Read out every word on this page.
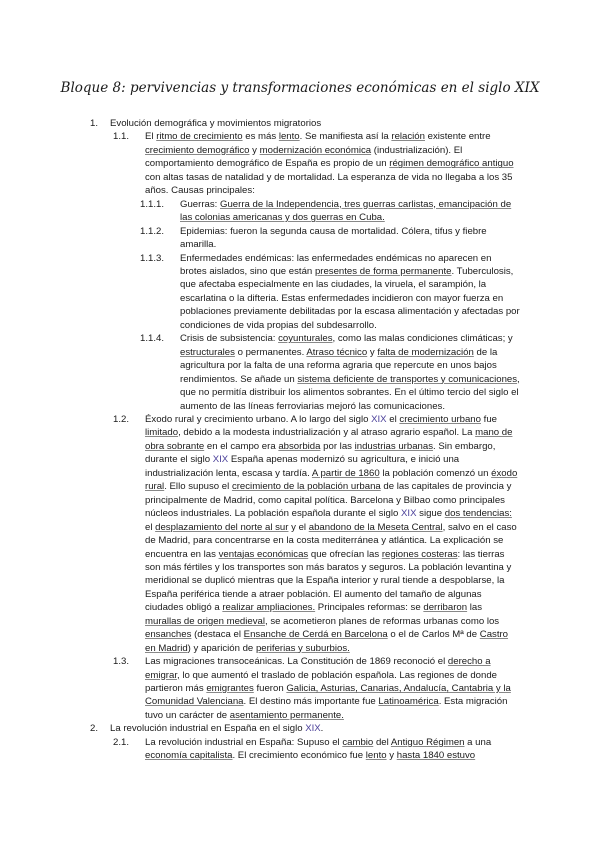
Bloque 8: pervivencias y transformaciones económicas en el siglo XIX
1. Evolución demográfica y movimientos migratorios
1.1. El ritmo de crecimiento es más lento. Se manifiesta así la relación existente entre crecimiento demográfico y modernización económica (industrialización). El comportamiento demográfico de España es propio de un régimen demográfico antiguo con altas tasas de natalidad y de mortalidad. La esperanza de vida no llegaba a los 35 años. Causas principales:
1.1.1. Guerras: Guerra de la Independencia, tres guerras carlistas, emancipación de las colonias americanas y dos guerras en Cuba.
1.1.2. Epidemias: fueron la segunda causa de mortalidad. Cólera, tifus y fiebre amarilla.
1.1.3. Enfermedades endémicas: las enfermedades endémicas no aparecen en brotes aislados, sino que están presentes de forma permanente. Tuberculosis, que afectaba especialmente en las ciudades, la viruela, el sarampión, la escarlatina o la difteria. Estas enfermedades incidieron con mayor fuerza en poblaciones previamente debilitadas por la escasa alimentación y afectadas por condiciones de vida propias del subdesarrollo.
1.1.4. Crisis de subsistencia: coyunturales, como las malas condiciones climáticas; y estructurales o permanentes. Atraso técnico y falta de modernización de la agricultura por la falta de una reforma agraria que repercute en unos bajos rendimientos. Se añade un sistema deficiente de transportes y comunicaciones, que no permitía distribuir los alimentos sobrantes. En el último tercio del siglo el aumento de las líneas ferroviarias mejoró las comunicaciones.
1.2. Éxodo rural y crecimiento urbano. A lo largo del siglo XIX el crecimiento urbano fue limitado, debido a la modesta industrialización y al atraso agrario español. La mano de obra sobrante en el campo era absorbida por las industrias urbanas. Sin embargo, durante el siglo XIX España apenas modernizó su agricultura, e inició una industrialización lenta, escasa y tardía. A partir de 1860 la población comenzó un éxodo rural. Ello supuso el crecimiento de la población urbana de las capitales de provincia y principalmente de Madrid, como capital política. Barcelona y Bilbao como principales núcleos industriales. La población española durante el siglo XIX sigue dos tendencias: el desplazamiento del norte al sur y el abandono de la Meseta Central, salvo en el caso de Madrid, para concentrarse en la costa mediterránea y atlántica. La explicación se encuentra en las ventajas económicas que ofrecían las regiones costeras: las tierras son más fértiles y los transportes son más baratos y seguros. La población levantina y meridional se duplicó mientras que la España interior y rural tiende a despoblarse, la España periférica tiende a atraer población. El aumento del tamaño de algunas ciudades obligó a realizar ampliaciones. Principales reformas: se derribaron las murallas de origen medieval, se acometieron planes de reformas urbanas como los ensanches (destaca el Ensanche de Cerdá en Barcelona o el de Carlos Mª de Castro en Madrid) y aparición de periferias y suburbios.
1.3. Las migraciones transoceánicas. La Constitución de 1869 reconoció el derecho a emigrar, lo que aumentó el traslado de población española. Las regiones de donde partieron más emigrantes fueron Galicia, Asturias, Canarias, Andalucía, Cantabria y la Comunidad Valenciana. El destino más importante fue Latinoamérica. Esta migración tuvo un carácter de asentamiento permanente.
2. La revolución industrial en España en el siglo XIX.
2.1. La revolución industrial en España: Supuso el cambio del Antiguo Régimen a una economía capitalista. El crecimiento económico fue lento y hasta 1840 estuvo
